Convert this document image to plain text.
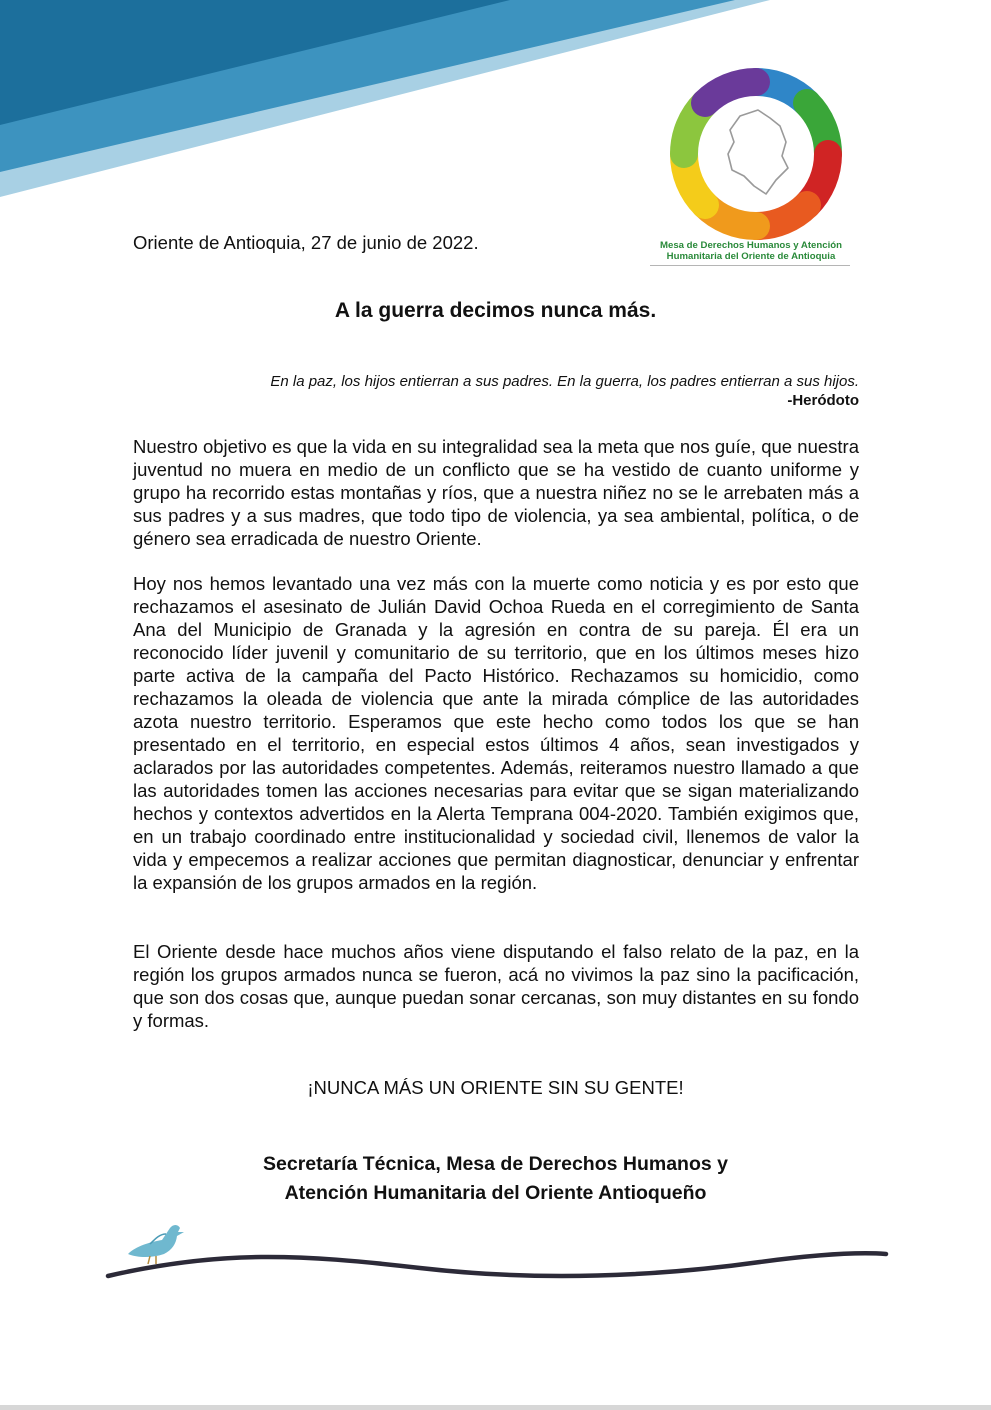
Mesa de Derechos Humanos y Atención
Humanitaria del Oriente de Antioquia
Oriente de Antioquia, 27 de junio de 2022.
A la guerra decimos nunca más.
En la paz, los hijos entierran a sus padres. En la guerra, los padres entierran a sus hijos.
-Heródoto

Nuestro objetivo es que la vida en su integralidad sea la meta que nos guíe, que nuestra juventud no muera en medio de un conflicto que se ha vestido de cuanto uniforme y grupo ha recorrido estas montañas y ríos, que a nuestra niñez no se le arrebaten más a sus padres y a sus madres, que todo tipo de violencia, ya sea ambiental, política, o de género sea erradicada de nuestro Oriente.

Hoy nos hemos levantado una vez más con la muerte como noticia y es por esto que rechazamos el asesinato de Julián David Ochoa Rueda en el corregimiento de Santa Ana del Municipio de Granada y la agresión en contra de su pareja. Él era un reconocido líder juvenil y comunitario de su territorio, que en los últimos meses hizo parte activa de la campaña del Pacto Histórico. Rechazamos su homicidio, como rechazamos la oleada de violencia que ante la mirada cómplice de las autoridades azota nuestro territorio. Esperamos que este hecho como todos los que se han presentado en el territorio, en especial estos últimos 4 años, sean investigados y aclarados por las autoridades competentes. Además, reiteramos nuestro llamado a que las autoridades tomen las acciones necesarias para evitar que se sigan materializando hechos y contextos advertidos en la Alerta Temprana 004-2020. También exigimos que, en un trabajo coordinado entre institucionalidad y sociedad civil, llenemos de valor la vida y empecemos a realizar acciones que permitan diagnosticar, denunciar y enfrentar la expansión de los grupos armados en la región.

El Oriente desde hace muchos años viene disputando el falso relato de la paz, en la región los grupos armados nunca se fueron, acá no vivimos la paz sino la pacificación, que son dos cosas que, aunque puedan sonar cercanas, son muy distantes en su fondo y formas.

¡NUNCA MÁS UN ORIENTE SIN SU GENTE!
Secretaría Técnica, Mesa de Derechos Humanos y
Atención Humanitaria del Oriente Antioqueño
